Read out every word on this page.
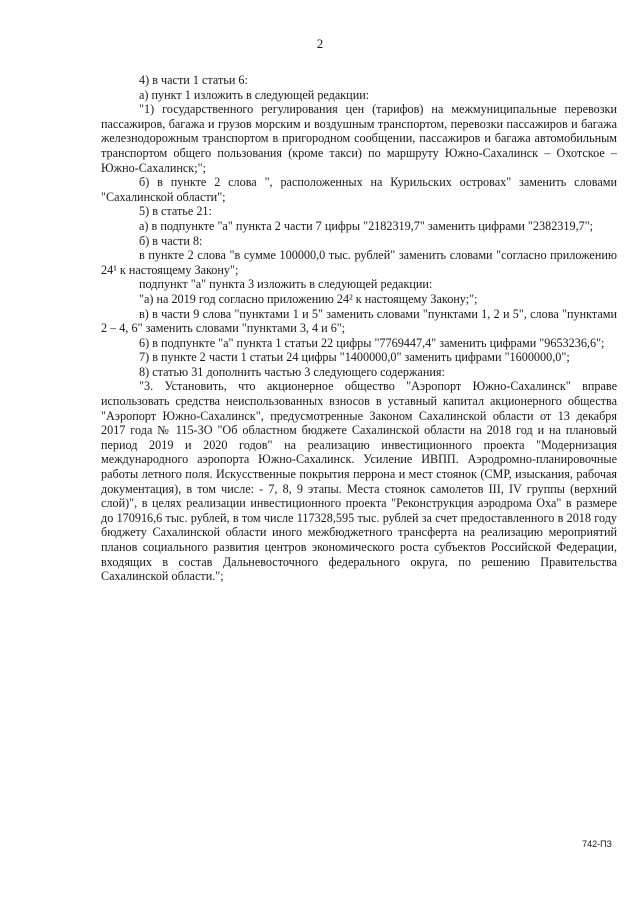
2

4) в части 1 статьи 6:

а) пункт 1 изложить в следующей редакции:

"1) государственного регулирования цен (тарифов) на межмуниципальные перевозки пассажиров, багажа и грузов морским и воздушным транспортом, перевозки пассажиров и багажа железнодорожным транспортом в пригородном сообщении, пассажиров и багажа автомобильным транспортом общего пользования (кроме такси) по маршруту Южно-Сахалинск – Охотское – Южно-Сахалинск;";

б) в пункте 2 слова ", расположенных на Курильских островах" заменить словами "Сахалинской области";

5) в статье 21:

а) в подпункте "а" пункта 2 части 7 цифры "2182319,7" заменить цифрами "2382319,7";

б) в части 8:

в пункте 2 слова "в сумме 100000,0 тыс. рублей" заменить словами "согласно приложению 24¹ к настоящему Закону";

подпункт "а" пункта 3 изложить в следующей редакции:

"а) на 2019 год согласно приложению 24² к настоящему Закону;";

в) в части 9 слова "пунктами 1 и 5" заменить словами "пунктами 1, 2 и 5", слова "пунктами 2 – 4, 6" заменить словами "пунктами 3, 4 и 6";

6) в подпункте "а" пункта 1 статьи 22 цифры "7769447,4" заменить цифрами "9653236,6";

7) в пункте 2 части 1 статьи 24 цифры "1400000,0" заменить цифрами "1600000,0";

8) статью 31 дополнить частью 3 следующего содержания:

"3. Установить, что акционерное общество "Аэропорт Южно-Сахалинск" вправе использовать средства неиспользованных взносов в уставный капитал акционерного общества "Аэропорт Южно-Сахалинск", предусмотренные Законом Сахалинской области от 13 декабря 2017 года № 115-ЗО "Об областном бюджете Сахалинской области на 2018 год и на плановый период 2019 и 2020 годов" на реализацию инвестиционного проекта "Модернизация международного аэропорта Южно-Сахалинск. Усиление ИВПП. Аэродромно-планировочные работы летного поля. Искусственные покрытия перрона и мест стоянок (СМР, изыскания, рабочая документация), в том числе: - 7, 8, 9 этапы. Места стоянок самолетов III, IV группы (верхний слой)", в целях реализации инвестиционного проекта "Реконструкция аэродрома Оха" в размере до 170916,6 тыс. рублей, в том числе 117328,595 тыс. рублей за счет предоставленного в 2018 году бюджету Сахалинской области иного межбюджетного трансферта на реализацию мероприятий планов социального развития центров экономического роста субъектов Российской Федерации, входящих в состав Дальневосточного федерального округа, по решению Правительства Сахалинской области.";

742-ПЗ
